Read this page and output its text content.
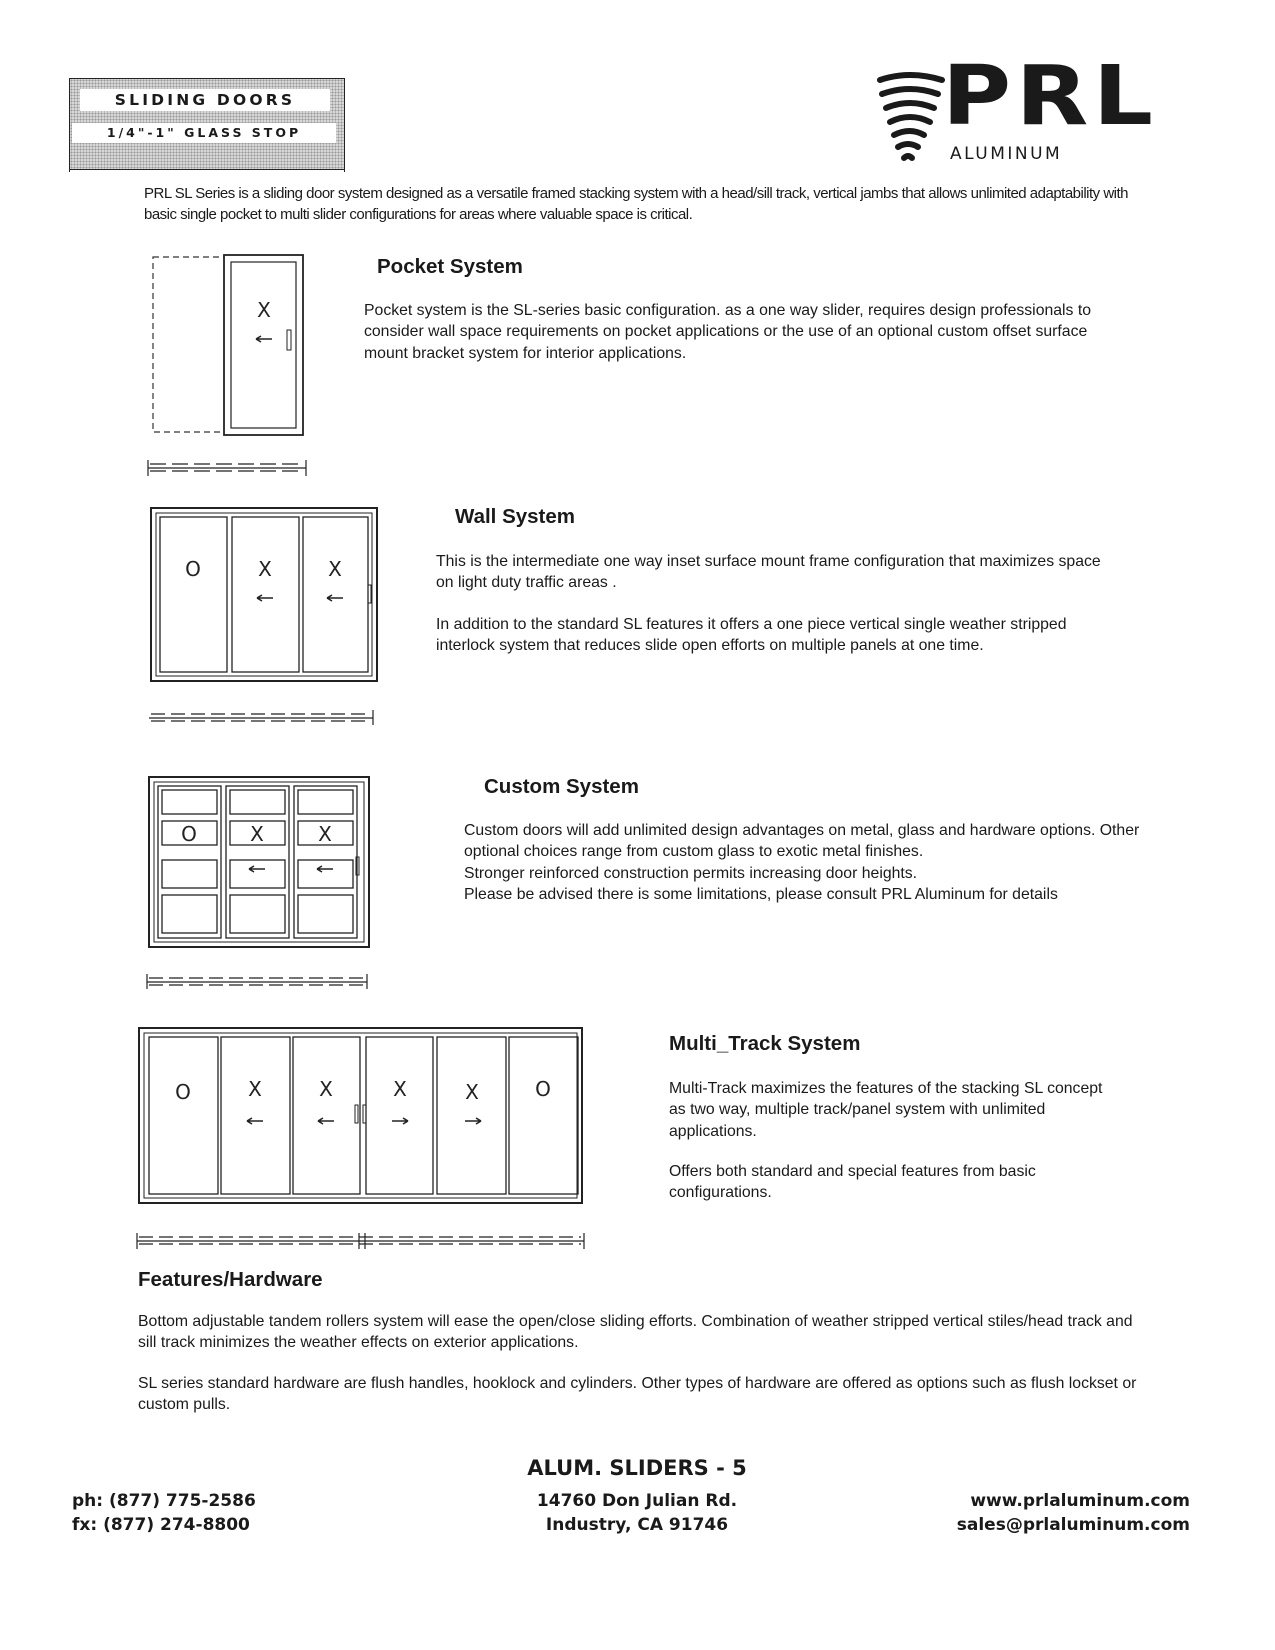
SLIDING DOORS
1/4"-1" GLASS STOP	PRL
ALUMINUM
PRL SL Series is a sliding door system designed as a versatile framed stacking system with a head/sill track, vertical jambs that allows unlimited adaptability with basic single pocket to multi slider configurations for areas where valuable space is critical.
X
Pocket System
Pocket system is the SL-series basic configuration. as a one way slider, requires design professionals to consider wall space requirements on pocket applications or the use of an optional custom offset surface mount bracket system for interior applications.
O	X	X
Wall System
This is the intermediate one way inset surface mount frame configuration that maximizes space on light duty traffic areas .
In addition to the standard SL features it offers a one piece vertical single weather stripped interlock system that reduces slide open efforts on multiple panels at one time.
O	X	X
Custom System
Custom doors will add unlimited design advantages on metal, glass and hardware options. Other optional choices range from custom glass to exotic metal finishes.
Stronger reinforced construction permits increasing door heights.
Please be advised there is some limitations, please consult PRL Aluminum for details
O	X	X	X	X	O
Multi_Track System
Multi-Track maximizes the features of the stacking SL concept as two way, multiple track/panel system with unlimited applications.
Offers both standard and special features from basic configurations.
Features/Hardware
Bottom adjustable tandem rollers system will ease the open/close sliding efforts. Combination of weather stripped vertical stiles/head track and sill track minimizes the weather effects on exterior applications.
SL series standard hardware are flush handles, hooklock and cylinders. Other types of hardware are offered as options such as flush lockset or custom pulls.
ALUM. SLIDERS - 5
ph: (877) 775-2586
fx: (877) 274-8800
14760 Don Julian Rd.
Industry, CA 91746
www.prlaluminum.com
sales@prlaluminum.com
